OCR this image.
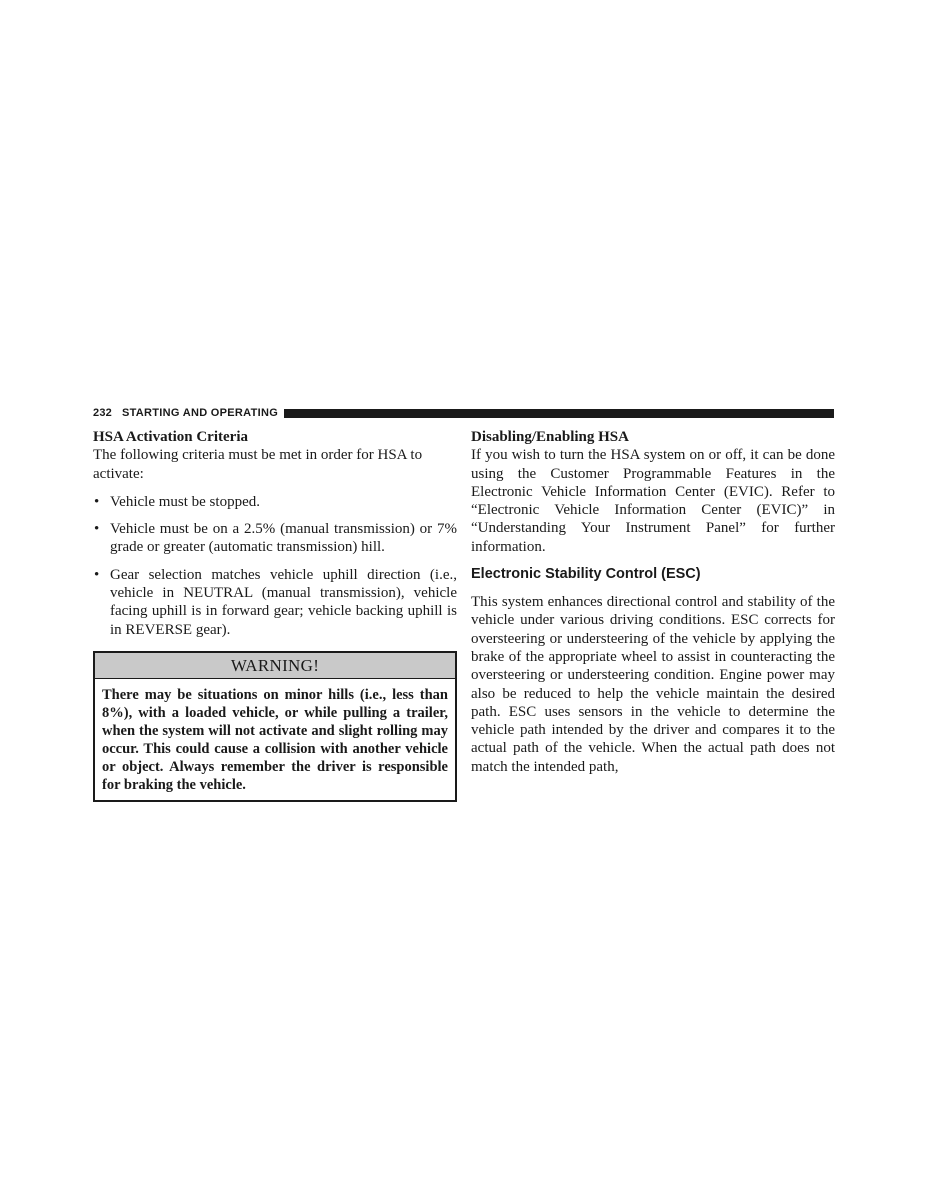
232 STARTING AND OPERATING
HSA Activation Criteria

The following criteria must be met in order for HSA to activate:

• Vehicle must be stopped.
• Vehicle must be on a 2.5% (manual transmission) or 7% grade or greater (automatic transmission) hill.
• Gear selection matches vehicle uphill direction (i.e., vehicle in NEUTRAL (manual transmission), vehicle facing uphill is in forward gear; vehicle backing uphill is in REVERSE gear).
WARNING!
There may be situations on minor hills (i.e., less than 8%), with a loaded vehicle, or while pulling a trailer, when the system will not activate and slight rolling may occur. This could cause a collision with another vehicle or object. Always remember the driver is responsible for braking the vehicle.
Disabling/Enabling HSA

If you wish to turn the HSA system on or off, it can be done using the Customer Programmable Features in the Electronic Vehicle Information Center (EVIC). Refer to “Electronic Vehicle Information Center (EVIC)” in “Understanding Your Instrument Panel” for further information.

Electronic Stability Control (ESC)

This system enhances directional control and stability of the vehicle under various driving conditions. ESC corrects for oversteering or understeering of the vehicle by applying the brake of the appropriate wheel to assist in counteracting the oversteering or understeering condition. Engine power may also be reduced to help the vehicle maintain the desired path. ESC uses sensors in the vehicle to determine the vehicle path intended by the driver and compares it to the actual path of the vehicle. When the actual path does not match the intended path,
